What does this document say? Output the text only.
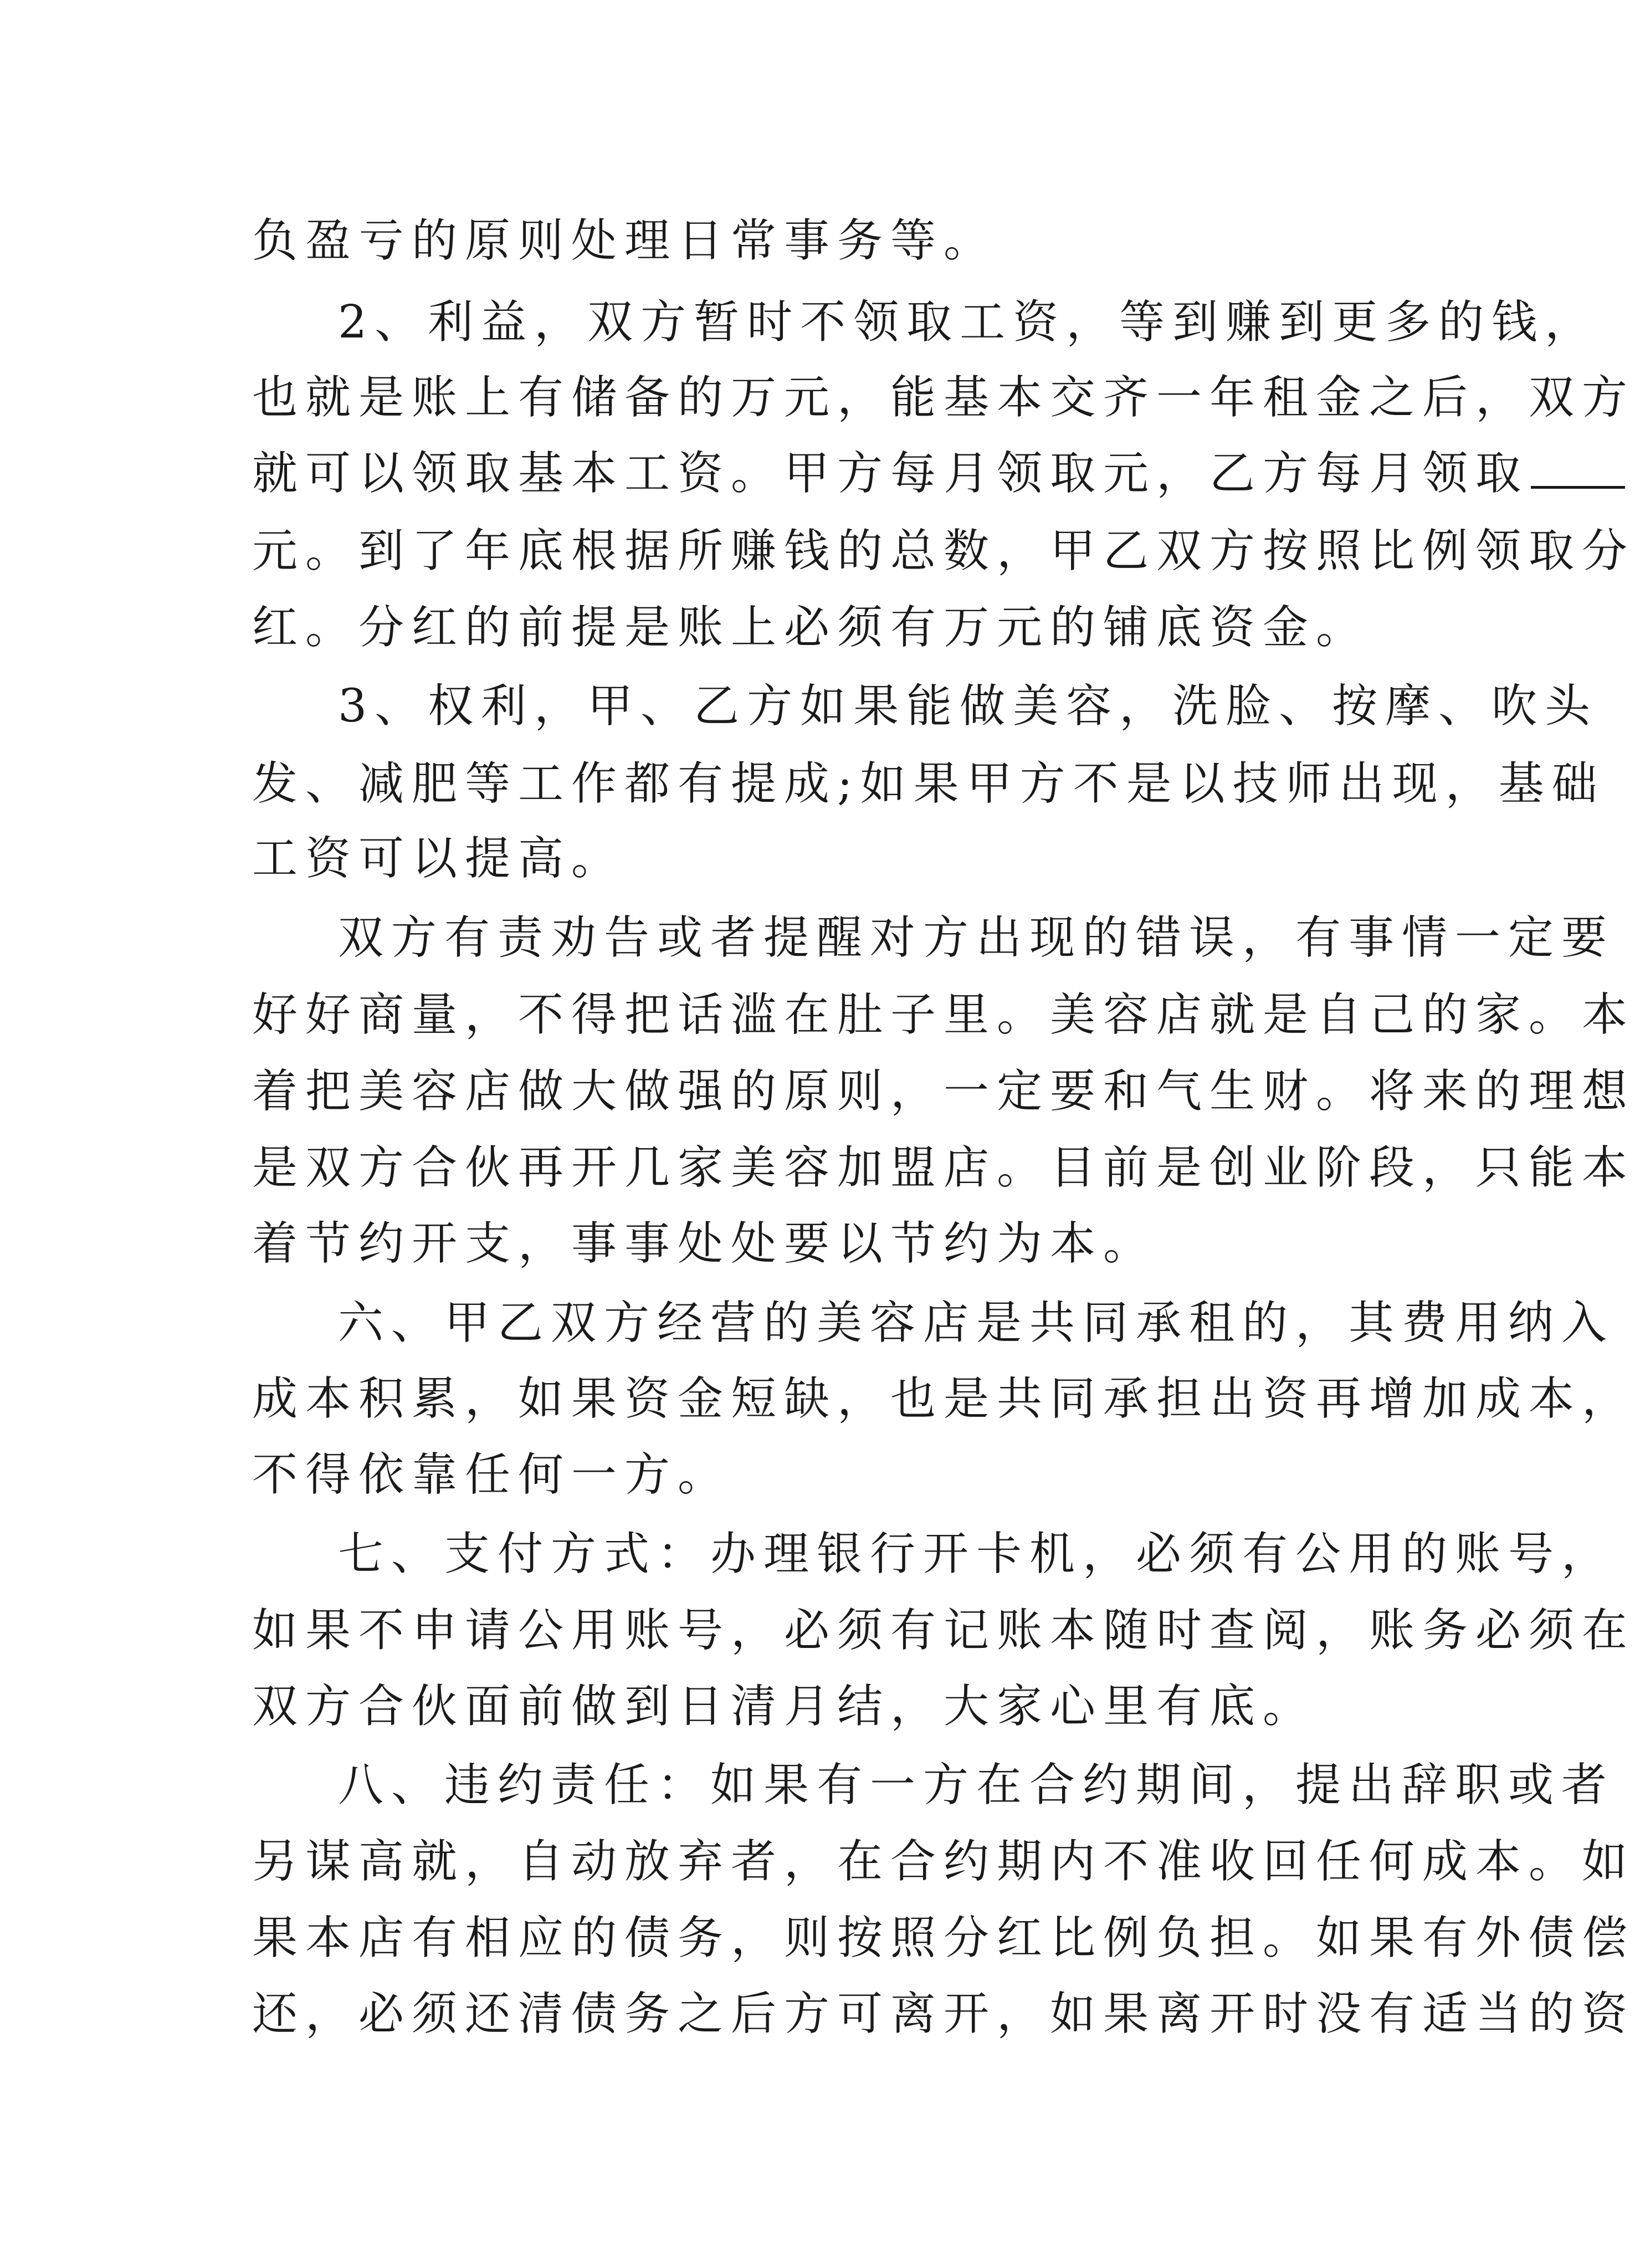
负盈亏的原则处理日常事务等。

2、利益，双方暂时不领取工资，等到赚到更多的钱，

也就是账上有储备的万元，能基本交齐一年租金之后，双方

就可以领取基本工资。甲方每月领取元，乙方每月领取

元。到了年底根据所赚钱的总数，甲乙双方按照比例领取分

红。分红的前提是账上必须有万元的铺底资金。

3、权利，甲、乙方如果能做美容，洗脸、按摩、吹头

发、减肥等工作都有提成;如果甲方不是以技师出现，基础

工资可以提高。

双方有责劝告或者提醒对方出现的错误，有事情一定要

好好商量，不得把话滥在肚子里。美容店就是自己的家。本

着把美容店做大做强的原则，一定要和气生财。将来的理想

是双方合伙再开几家美容加盟店。目前是创业阶段，只能本

着节约开支，事事处处要以节约为本。

六、甲乙双方经营的美容店是共同承租的，其费用纳入

成本积累，如果资金短缺，也是共同承担出资再增加成本，

不得依靠任何一方。

七、支付方式：办理银行开卡机，必须有公用的账号，

如果不申请公用账号，必须有记账本随时查阅，账务必须在

双方合伙面前做到日清月结，大家心里有底。

八、违约责任：如果有一方在合约期间，提出辞职或者

另谋高就，自动放弃者，在合约期内不准收回任何成本。如

果本店有相应的债务，则按照分红比例负担。如果有外债偿

还，必须还清债务之后方可离开，如果离开时没有适当的资
